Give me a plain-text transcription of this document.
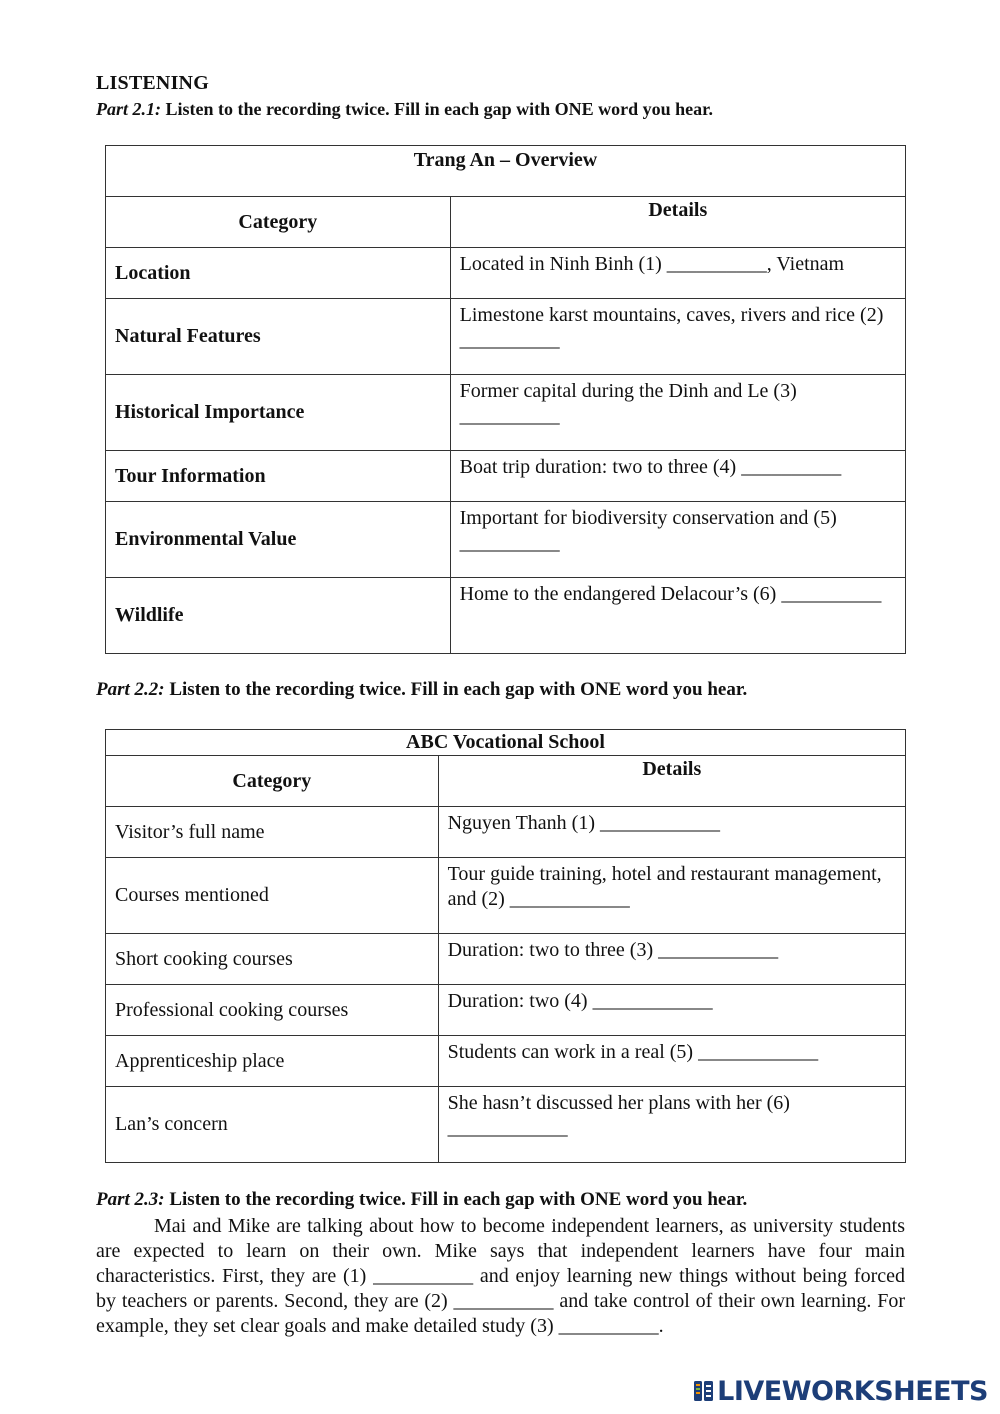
LISTENING
Part 2.1: Listen to the recording twice. Fill in each gap with ONE word you hear.
Trang An – Overview	
Category	Details
Location	Located in Ninh Binh (1) __________, Vietnam
Natural Features	Limestone karst mountains, caves, rivers and rice (2) __________
Historical Importance	Former capital during the Dinh and Le (3) __________
Tour Information	Boat trip duration: two to three (4) __________
Environmental Value	Important for biodiversity conservation and (5) __________
Wildlife	Home to the endangered Delacour’s (6) __________
Part 2.2: Listen to the recording twice. Fill in each gap with ONE word you hear.
ABC Vocational School	
Category	Details
Visitor’s full name	Nguyen Thanh (1) ____________
Courses mentioned	Tour guide training, hotel and restaurant management, and (2) ____________
Short cooking courses	Duration: two to three (3) ____________
Professional cooking courses	Duration: two (4) ____________
Apprenticeship place	Students can work in a real (5) ____________
Lan’s concern	She hasn’t discussed her plans with her (6) ____________
Part 2.3: Listen to the recording twice. Fill in each gap with ONE word you hear.
Mai and Mike are talking about how to become independent learners, as university students are expected to learn on their own. Mike says that independent learners have four main characteristics. First, they are (1) __________ and enjoy learning new things without being forced by teachers or parents. Second, they are (2) __________ and take control of their own learning. For example, they set clear goals and make detailed study (3) __________.
LIVEWORKSHEETS
